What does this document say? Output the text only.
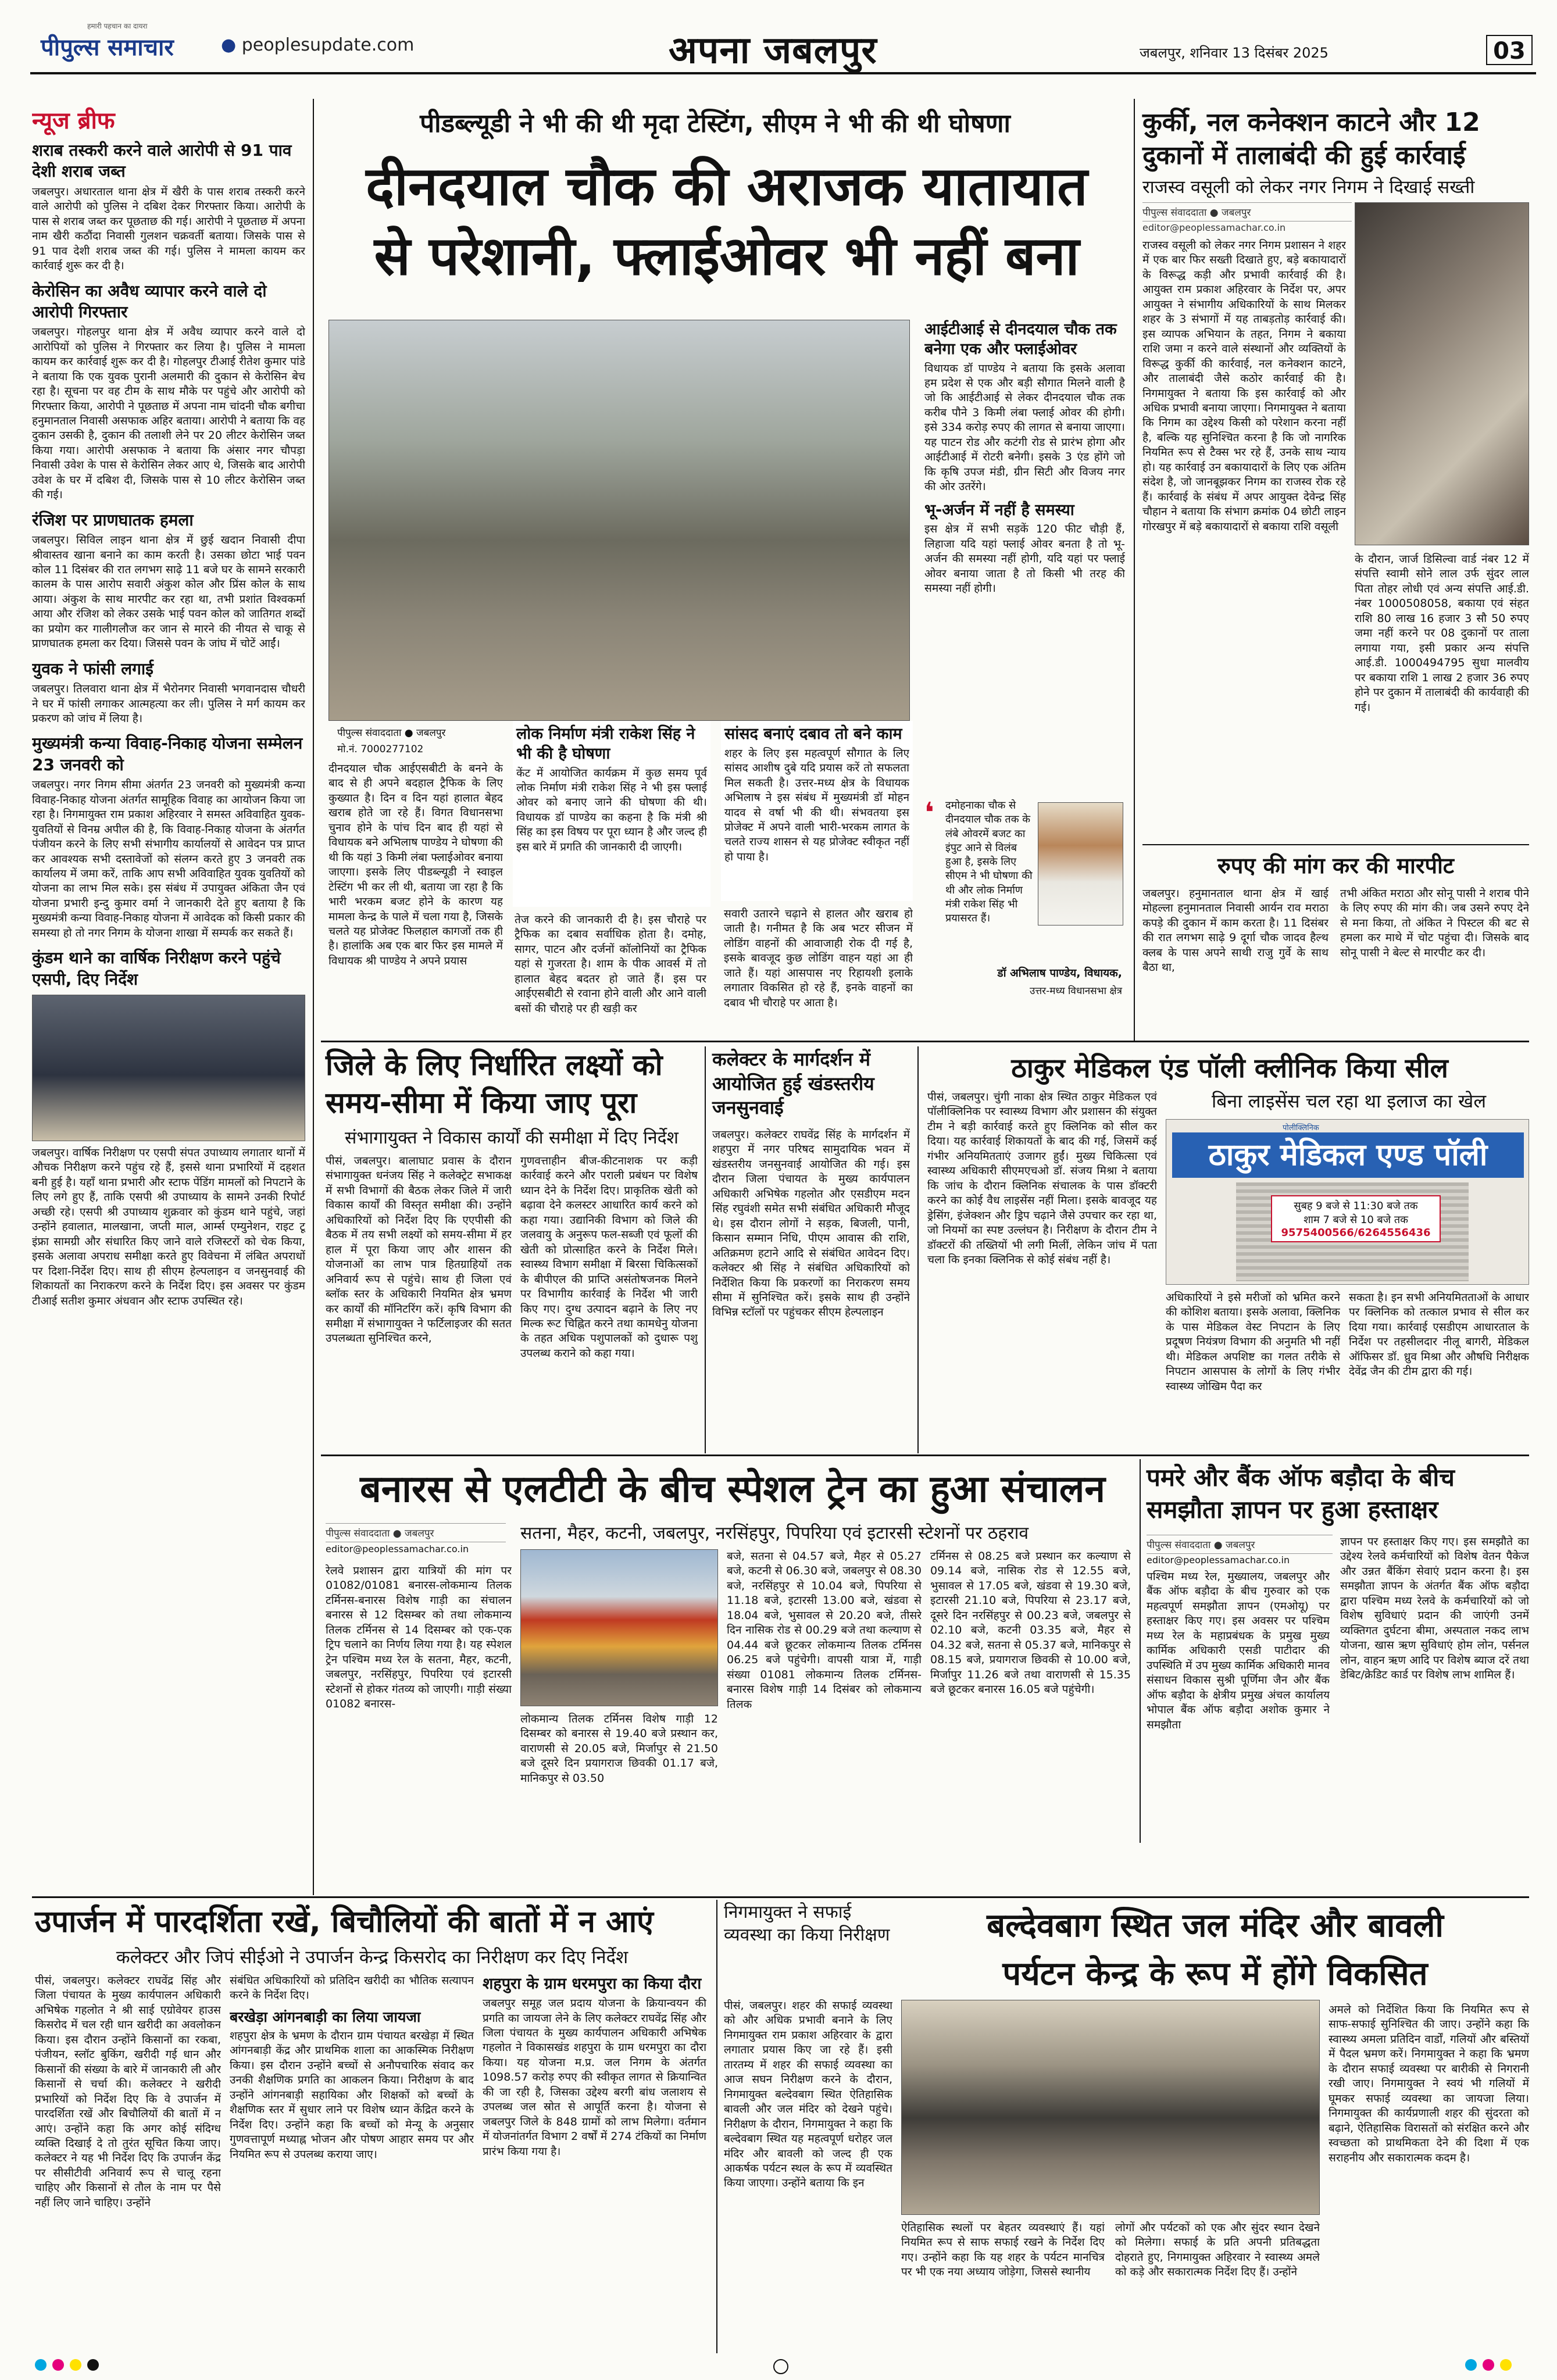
पीपुल्स समाचार
हमारी पहचान का दायरा
● peoplesupdate.com	अपना जबलपुर	जबलपुर, शनिवार 13 दिसंबर 2025	03
न्यूज ब्रीफ
शराब तस्करी करने वाले आरोपी से 91 पाव देशी शराब जब्त
जबलपुर। अधारताल थाना क्षेत्र में खैरी के पास शराब तस्करी करने वाले आरोपी को पुलिस ने दबिश देकर गिरफ्तार किया। आरोपी के पास से शराब जब्त कर पूछताछ की गई। आरोपी ने पूछताछ में अपना नाम खैरी कठौंदा निवासी गुलशन चक्रवर्ती बताया। जिसके पास से 91 पाव देशी शराब जब्त की गई। पुलिस ने मामला कायम कर कार्रवाई शुरू कर दी है।
केरोसिन का अवैध व्यापार करने वाले दो आरोपी गिरफ्तार
जबलपुर। गोहलपुर थाना क्षेत्र में अवैध व्यापार करने वाले दो आरोपियों को पुलिस ने गिरफ्तार कर लिया है। पुलिस ने मामला कायम कर कार्रवाई शुरू कर दी है। गोहलपुर टीआई रीतेश कुमार पांडे ने बताया कि एक युवक पुरानी अलमारी की दुकान से केरोसिन बेच रहा है। सूचना पर वह टीम के साथ मौके पर पहुंचे और आरोपी को गिरफ्तार किया, आरोपी ने पूछताछ में अपना नाम चांदनी चौक बगीचा हनुमानताल निवासी असफाक अहिर बताया। आरोपी ने बताया कि वह दुकान उसकी है, दुकान की तलाशी लेने पर 20 लीटर केरोसिन जब्त किया गया। आरोपी असफाक ने बताया कि अंसार नगर चौपड़ा निवासी उवेश के पास से केरोसिन लेकर आए थे, जिसके बाद आरोपी उवेश के घर में दबिश दी, जिसके पास से 10 लीटर केरोसिन जब्त की गई।
रंजिश पर प्राणघातक हमला
जबलपुर। सिविल लाइन थाना क्षेत्र में छुई खदान निवासी दीपा श्रीवास्तव खाना बनाने का काम करती है। उसका छोटा भाई पवन कोल 11 दिसंबर की रात लगभग साढ़े 11 बजे घर के सामने सरकारी कालम के पास आरोप सवारी अंकुश कोल और प्रिंस कोल के साथ आया। अंकुश के साथ मारपीट कर रहा था, तभी प्रशांत विश्वकर्मा आया और रंजिश को लेकर उसके भाई पवन कोल को जातिगत शब्दों का प्रयोग कर गालीगलौज कर जान से मारने की नीयत से चाकू से प्राणघातक हमला कर दिया। जिससे पवन के जांघ में चोटें आईं।
युवक ने फांसी लगाई
जबलपुर। तिलवारा थाना क्षेत्र में भैरोनगर निवासी भगवानदास चौधरी ने घर में फांसी लगाकर आत्महत्या कर ली। पुलिस ने मर्ग कायम कर प्रकरण को जांच में लिया है।
मुख्यमंत्री कन्या विवाह-निकाह योजना सम्मेलन 23 जनवरी को
जबलपुर। नगर निगम सीमा अंतर्गत 23 जनवरी को मुख्यमंत्री कन्या विवाह-निकाह योजना अंतर्गत सामूहिक विवाह का आयोजन किया जा रहा है। निगमायुक्त राम प्रकाश अहिरवार ने समस्त अविवाहित युवक-युवतियों से विनम्र अपील की है, कि विवाह-निकाह योजना के अंतर्गत पंजीयन करने के लिए सभी संभागीय कार्यालयों से आवेदन पत्र प्राप्त कर आवश्यक सभी दस्तावेजों को संलग्न करते हुए 3 जनवरी तक कार्यालय में जमा करें, ताकि आप सभी अविवाहित युवक युवतियों को योजना का लाभ मिल सके। इस संबंध में उपायुक्त अंकिता जैन एवं योजना प्रभारी इन्दु कुमार वर्मा ने जानकारी देते हुए बताया है कि मुख्यमंत्री कन्या विवाह-निकाह योजना में आवेदक को किसी प्रकार की समस्या हो तो नगर निगम के योजना शाखा में सम्पर्क कर सकते हैं।
कुंडम थाने का वार्षिक निरीक्षण करने पहुंचे एसपी, दिए निर्देश
जबलपुर। वार्षिक निरीक्षण पर एसपी संपत उपाध्याय लगातार थानों में औचक निरीक्षण करने पहुंच रहे हैं, इससे थाना प्रभारियों में दहशत बनी हुई है। यहाँ थाना प्रभारी और स्टाफ पेंडिंग मामलों को निपटाने के लिए लगे हुए हैं, ताकि एसपी श्री उपाध्याय के सामने उनकी रिपोर्ट अच्छी रहे। एसपी श्री उपाध्याय शुक्रवार को कुंडम थाने पहुंचे, जहां उन्होंने हवालात, मालखाना, जप्ती माल, आर्म्स एम्युनेशन, राइट टू इंफ्रा सामग्री और संधारित किए जाने वाले रजिस्टरों को चेक किया, इसके अलावा अपराध समीक्षा करते हुए विवेचना में लंबित अपराधों पर दिशा-निर्देश दिए। साथ ही सीएम हेल्पलाइन व जनसुनवाई की शिकायतों का निराकरण करने के निर्देश दिए। इस अवसर पर कुंडम टीआई सतीश कुमार अंधवान और स्टाफ उपस्थित रहे।
पीडब्ल्यूडी ने भी की थी मृदा टेस्टिंग, सीएम ने भी की थी घोषणा
दीनदयाल चौक की अराजक यातायात
से परेशानी, फ्लाईओवर भी नहीं बना
पीपुल्स संवाददाता ● जबलपुर
मो.नं. 7000277102
लोक निर्माण मंत्री राकेश सिंह ने भी की है घोषणा
केंट में आयोजित कार्यक्रम में कुछ समय पूर्व लोक निर्माण मंत्री राकेश सिंह ने भी इस फ्लाई ओवर को बनाए जाने की घोषणा की थी। विधायक डॉ पाण्डेय का कहना है कि मंत्री श्री सिंह का इस विषय पर पूरा ध्यान है और जल्द ही इस बारे में प्रगति की जानकारी दी जाएगी।
सांसद बनाएं दबाव तो बने काम
शहर के लिए इस महत्वपूर्ण सौगात के लिए सांसद आशीष दुबे यदि प्रयास करें तो सफलता मिल सकती है। उत्तर-मध्य क्षेत्र के विधायक अभिलाष ने इस संबंध में मुख्यमंत्री डॉ मोहन यादव से वर्षा भी की थी। संभवतया इस प्रोजेक्ट में अपने वाली भारी-भरकम लागत के चलते राज्य शासन से यह प्रोजेक्ट स्वीकृत नहीं हो पाया है।
दीनदयाल चौक आईएसबीटी के बनने के बाद से ही अपने बदहाल ट्रैफिक के लिए कुख्यात है। दिन व दिन यहां हालात बेहद खराब होते जा रहे हैं। विगत विधानसभा चुनाव होने के पांच दिन बाद ही यहां से विधायक बने अभिलाष पाण्डेय ने घोषणा की थी कि यहां 3 किमी लंबा फ्लाईओवर बनाया जाएगा। इसके लिए पीडब्ल्यूडी ने स्वाइल टेस्टिंग भी कर ली थी, बताया जा रहा है कि भारी भरकम बजट होने के कारण यह मामला केन्द्र के पाले में चला गया है, जिसके चलते यह प्रोजेक्ट फिलहाल कागजों तक ही है। हालांकि अब एक बार फिर इस मामले में विधायक श्री पाण्डेय ने अपने प्रयास
तेज करने की जानकारी दी है। इस चौराहे पर ट्रैफिक का दबाव सर्वाधिक होता है। दमोह, सागर, पाटन और दर्जनों कॉलोनियों का ट्रैफिक यहां से गुजरता है। शाम के पीक आवर्स में तो हालात बेहद बदतर हो जाते हैं। इस पर आईएसबीटी से रवाना होने वाली और आने वाली बसों की चौराहे पर ही खड़ी कर
सवारी उतारने चढ़ाने से हालत और खराब हो जाती है। गनीमत है कि अब भटर सीजन में लोडिंग वाहनों की आवाजाही रोक दी गई है, इसके बावजूद कुछ लोडिंग वाहन यहां आ ही जाते हैं। यहां आसपास नए रिहायशी इलाके लगातार विकसित हो रहे हैं, इनके वाहनों का दबाव भी चौराहे पर आता है।
आईटीआई से दीनदयाल चौक तक बनेगा एक और फ्लाईओवर
विधायक डॉ पाण्डेय ने बताया कि इसके अलावा हम प्रदेश से एक और बड़ी सौगात मिलने वाली है जो कि आईटीआई से लेकर दीनदयाल चौक तक करीब पौने 3 किमी लंबा फ्लाई ओवर की होगी। इसे 334 करोड़ रुपए की लागत से बनाया जाएगा। यह पाटन रोड और कटंगी रोड से प्रारंभ होगा और आईटीआई में रोटरी बनेगी। इसके 3 एंड होंगे जो कि कृषि उपज मंडी, ग्रीन सिटी और विजय नगर की ओर उतरेंगे।
भू-अर्जन में नहीं है समस्या
इस क्षेत्र में सभी सड़कें 120 फीट चौड़ी हैं, लिहाजा यदि यहां फ्लाई ओवर बनता है तो भू-अर्जन की समस्या नहीं होगी, यदि यहां पर फ्लाई ओवर बनाया जाता है तो किसी भी तरह की समस्या नहीं होगी।
❛ दमोहनाका चौक से दीनदयाल चौक तक के लंबे ओवरमें बजट का इंपुट आने से विलंब हुआ है, इसके लिए सीएम ने भी घोषणा की थी और लोक निर्माण मंत्री राकेश सिंह भी प्रयासरत हैं।
डॉ अभिलाष पाण्डेय, विधायक,
उत्तर-मध्य विधानसभा क्षेत्र
कुर्की, नल कनेक्शन काटने और 12 दुकानों में तालाबंदी की हुई कार्रवाई
राजस्व वसूली को लेकर नगर निगम ने दिखाई सख्ती
पीपुल्स संवाददाता ● जबलपुर
editor@peoplessamachar.co.in
राजस्व वसूली को लेकर नगर निगम प्रशासन ने शहर में एक बार फिर सख्ती दिखाते हुए, बड़े बकायादारों के विरूद्ध कड़ी और प्रभावी कार्रवाई की है। आयुक्त राम प्रकाश अहिरवार के निर्देश पर, अपर आयुक्त ने संभागीय अधिकारियों के साथ मिलकर शहर के 3 संभागों में यह ताबड़तोड़ कार्रवाई की। इस व्यापक अभियान के तहत, निगम ने बकाया राशि जमा न करने वाले संस्थानों और व्यक्तियों के विरूद्ध कुर्की की कार्रवाई, नल कनेक्शन काटने, और तालाबंदी जैसे कठोर कार्रवाई की है। निगमायुक्त ने बताया कि इस कार्रवाई को और अधिक प्रभावी बनाया जाएगा। निगमायुक्त ने बताया कि निगम का उद्देश्य किसी को परेशान करना नहीं है, बल्कि यह सुनिश्चित करना है कि जो नागरिक नियमित रूप से टैक्स भर रहे हैं, उनके साथ न्याय हो। यह कार्रवाई उन बकायादारों के लिए एक अंतिम संदेश है, जो जानबूझकर निगम का राजस्व रोक रहे हैं। कार्रवाई के संबंध में अपर आयुक्त देवेन्द्र सिंह चौहान ने बताया कि संभाग क्रमांक 04 छोटी लाइन गोरखपुर में बड़े बकायादारों से बकाया राशि वसूली
के दौरान, जार्ज डिसिल्वा वार्ड नंबर 12 में संपत्ति स्वामी सोने लाल उर्फ सुंदर लाल पिता तोहर लोधी एवं अन्य संपत्ति आई.डी. नंबर 1000508058, बकाया एवं संहत राशि 80 लाख 16 हजार 3 सौ 50 रुपए जमा नहीं करने पर 08 दुकानों पर ताला लगाया गया, इसी प्रकार अन्य संपत्ति आई.डी. 1000494795 सुधा मालवीय पर बकाया राशि 1 लाख 2 हजार 36 रुपए होने पर दुकान में तालाबंदी की कार्यवाही की गई।
रुपए की मांग कर की मारपीट
जबलपुर। हनुमानताल थाना क्षेत्र में खाई मोहल्ला हनुमानताल निवासी आर्यन राव मराठा कपड़े की दुकान में काम करता है। 11 दिसंबर की रात लगभग साढ़े 9 दूर्गा चौक जादव हैल्थ क्लब के पास अपने साथी राजु गुर्वे के साथ बैठा था,
तभी अंकित मराठा और सोनू पासी ने शराब पीने के लिए रुपए की मांग की। जब उसने रुपए देने से मना किया, तो अंकित ने पिस्टल की बट से हमला कर माथे में चोट पहुंचा दी। जिसके बाद सोनू पासी ने बेल्ट से मारपीट कर दी।
जिले के लिए निर्धारित लक्ष्यों को समय-सीमा में किया जाए पूरा
संभागायुक्त ने विकास कार्यों की समीक्षा में दिए निर्देश
पीसं, जबलपुर। बालाघाट प्रवास के दौरान संभागायुक्त धनंजय सिंह ने कलेक्ट्रेट सभाकक्ष में सभी विभागों की बैठक लेकर जिले में जारी विकास कार्यों की विस्तृत समीक्षा की। उन्होंने अधिकारियों को निर्देश दिए कि एएपीसी की बैठक में तय सभी लक्ष्यों को समय-सीमा में हर हाल में पूरा किया जाए और शासन की योजनाओं का लाभ पात्र हितग्राहियों तक अनिवार्य रूप से पहुंचे। साथ ही जिला एवं ब्लॉक स्तर के अधिकारी नियमित क्षेत्र भ्रमण कर कार्यों की मॉनिटरिंग करें। कृषि विभाग की समीक्षा में संभागायुक्त ने फर्टिलाइजर की सतत उपलब्धता सुनिश्चित करने,
गुणवत्ताहीन बीज-कीटनाशक पर कड़ी कार्रवाई करने और पराली प्रबंधन पर विशेष ध्यान देने के निर्देश दिए। प्राकृतिक खेती को बढ़ावा देने कलस्टर आधारित कार्य करने को कहा गया। उद्यानिकी विभाग को जिले की जलवायु के अनुरूप फल-सब्जी एवं फूलों की खेती को प्रोत्साहित करने के निर्देश मिले। स्वास्थ्य विभाग समीक्षा में बिरसा चिकित्सकों के बीपीएल की प्राप्ति असंतोषजनक मिलने पर विभागीय कार्रवाई के निर्देश भी जारी किए गए। दुग्ध उत्पादन बढ़ाने के लिए नए मिल्क रूट चिह्नित करने तथा कामधेनु योजना के तहत अधिक पशुपालकों को दुधारू पशु उपलब्ध कराने को कहा गया।
कलेक्टर के मार्गदर्शन में आयोजित हुई खंडस्तरीय जनसुनवाई
जबलपुर। कलेक्टर राघवेंद्र सिंह के मार्गदर्शन में शहपुरा में नगर परिषद सामुदायिक भवन में खंडस्तरीय जनसुनवाई आयोजित की गई। इस दौरान जिला पंचायत के मुख्य कार्यपालन अधिकारी अभिषेक गहलोत और एसडीएम मदन सिंह रघुवंशी समेत सभी संबंधित अधिकारी मौजूद थे। इस दौरान लोगों ने सड़क, बिजली, पानी, किसान सम्मान निधि, पीएम आवास की राशि, अतिक्रमण हटाने आदि से संबंधित आवेदन दिए। कलेक्टर श्री सिंह ने संबंधित अधिकारियों को निर्देशित किया कि प्रकरणों का निराकरण समय सीमा में सुनिश्चित करें। इसके साथ ही उन्होंने विभिन्न स्टॉलों पर पहुंचकर सीएम हेल्पलाइन
ठाकुर मेडिकल एंड पॉली क्लीनिक किया सील
बिना लाइसेंस चल रहा था इलाज का खेल
पीसं, जबलपुर। चुंगी नाका क्षेत्र स्थित ठाकुर मेडिकल एवं पॉलीक्लिनिक पर स्वास्थ्य विभाग और प्रशासन की संयुक्त टीम ने बड़ी कार्रवाई करते हुए क्लिनिक को सील कर दिया। यह कार्रवाई शिकायतों के बाद की गई, जिसमें कई गंभीर अनियमितताएं उजागर हुईं। मुख्य चिकित्सा एवं स्वास्थ्य अधिकारी सीएमएचओ डॉ. संजय मिश्रा ने बताया कि जांच के दौरान क्लिनिक संचालक के पास डॉक्टरी करने का कोई वैध लाइसेंस नहीं मिला। इसके बावजूद यह ड्रेसिंग, इंजेक्शन और ड्रिप चढ़ाने जैसे उपचार कर रहा था, जो नियमों का स्पष्ट उल्लंघन है। निरीक्षण के दौरान टीम ने डॉक्टरों की तख्तियों भी लगी मिलीं, लेकिन जांच में पता चला कि इनका क्लिनिक से कोई संबंध नहीं है।
पोलीक्लिनिक
ठाकुर मेडिकल एण्ड पॉली
सुबह 9 बजे से 11:30 बजे तक
शाम 7 बजे से 10 बजे तक
9575400566/6264556436
अधिकारियों ने इसे मरीजों को भ्रमित करने की कोशिश बताया। इसके अलावा, क्लिनिक के पास मेडिकल वेस्ट निपटान के लिए प्रदूषण नियंत्रण विभाग की अनुमति भी नहीं थी। मेडिकल अपशिष्ट का गलत तरीके से निपटान आसपास के लोगों के लिए गंभीर स्वास्थ्य जोखिम पैदा कर
सकता है। इन सभी अनियमितताओं के आधार पर क्लिनिक को तत्काल प्रभाव से सील कर दिया गया। कार्रवाई एसडीएम आधारताल के निर्देश पर तहसीलदार नीलू बागरी, मेडिकल ऑफिसर डॉ. ध्रुव मिश्रा और औषधि निरीक्षक देवेंद्र जैन की टीम द्वारा की गई।
बनारस से एलटीटी के बीच स्पेशल ट्रेन का हुआ संचालन
पीपुल्स संवाददाता ● जबलपुर
editor@peoplessamachar.co.in
सतना, मैहर, कटनी, जबलपुर, नरसिंहपुर, पिपरिया एवं इटारसी स्टेशनों पर ठहराव
रेलवे प्रशासन द्वारा यात्रियों की मांग पर 01082/01081 बनारस-लोकमान्य तिलक टर्मिनस-बनारस विशेष गाड़ी का संचालन बनारस से 12 दिसम्बर को तथा लोकमान्य तिलक टर्मिनस से 14 दिसम्बर को एक-एक ट्रिप चलाने का निर्णय लिया गया है। यह स्पेशल ट्रेन पश्चिम मध्य रेल के सतना, मैहर, कटनी, जबलपुर, नरसिंहपुर, पिपरिया एवं इटारसी स्टेशनों से होकर गंतव्य को जाएगी। गाड़ी संख्या 01082 बनारस-
लोकमान्य तिलक टर्मिनस विशेष गाड़ी 12 दिसम्बर को बनारस से 19.40 बजे प्रस्थान कर, वाराणसी से 20.05 बजे, मिर्जापुर से 21.50 बजे दूसरे दिन प्रयागराज छिवकी 01.17 बजे, मानिकपुर से 03.50
बजे, सतना से 04.57 बजे, मैहर से 05.27 बजे, कटनी से 06.30 बजे, जबलपुर से 08.30 बजे, नरसिंहपुर से 10.04 बजे, पिपरिया से 11.18 बजे, इटारसी 13.00 बजे, खंडवा से 18.04 बजे, भुसावल से 20.20 बजे, तीसरे दिन नासिक रोड से 00.29 बजे तथा कल्याण से 04.44 बजे छूटकर लोकमान्य तिलक टर्मिनस 06.25 बजे पहुंचेगी। वापसी यात्रा में, गाड़ी संख्या 01081 लोकमान्य तिलक टर्मिनस-बनारस विशेष गाड़ी 14 दिसंबर को लोकमान्य तिलक
टर्मिनस से 08.25 बजे प्रस्थान कर कल्याण से 09.14 बजे, नासिक रोड से 12.55 बजे, भुसावल से 17.05 बजे, खंडवा से 19.30 बजे, इटारसी 21.10 बजे, पिपरिया से 23.17 बजे, दूसरे दिन नरसिंहपुर से 00.23 बजे, जबलपुर से 02.10 बजे, कटनी 03.35 बजे, मैहर से 04.32 बजे, सतना से 05.37 बजे, मानिकपुर से 08.15 बजे, प्रयागराज छिवकी से 10.00 बजे, मिर्जापुर 11.26 बजे तथा वाराणसी से 15.35 बजे छूटकर बनारस 16.05 बजे पहुंचेगी।
पमरे और बैंक ऑफ बड़ौदा के बीच समझौता ज्ञापन पर हुआ हस्ताक्षर
पीपुल्स संवाददाता ● जबलपुर
editor@peoplessamachar.co.in
पश्चिम मध्य रेल, मुख्यालय, जबलपुर और बैंक ऑफ बड़ौदा के बीच गुरुवार को एक महत्वपूर्ण समझौता ज्ञापन (एमओयू) पर हस्ताक्षर किए गए। इस अवसर पर पश्चिम मध्य रेल के महाप्रबंधक के प्रमुख मुख्य कार्मिक अधिकारी एसडी पाटीदार की उपस्थिति में उप मुख्य कार्मिक अधिकारी मानव संसाधन विकास सुश्री पूर्णिमा जैन और बैंक ऑफ बड़ौदा के क्षेत्रीय प्रमुख अंचल कार्यालय भोपाल बैंक ऑफ बड़ौदा अशोक कुमार ने समझौता
ज्ञापन पर हस्ताक्षर किए गए। इस समझौते का उद्देश्य रेलवे कर्मचारियों को विशेष वेतन पैकेज और उन्नत बैंकिंग सेवाएं प्रदान करना है। इस समझौता ज्ञापन के अंतर्गत बैंक ऑफ बड़ौदा द्वारा पश्चिम मध्य रेलवे के कर्मचारियों को जो विशेष सुविधाएं प्रदान की जाएंगी उनमें व्यक्तिगत दुर्घटना बीमा, अस्पताल नकद लाभ योजना, खास ऋण सुविधाएं होम लोन, पर्सनल लोन, वाहन ऋण आदि पर विशेष ब्याज दरें तथा डेबिट/क्रेडिट कार्ड पर विशेष लाभ शामिल हैं।
उपार्जन में पारदर्शिता रखें, बिचौलियों की बातों में न आएं
कलेक्टर और जिपं सीईओ ने उपार्जन केन्द्र किसरोद का निरीक्षण कर दिए निर्देश
पीसं, जबलपुर। कलेक्टर राघवेंद्र सिंह और जिला पंचायत के मुख्य कार्यपालन अधिकारी अभिषेक गहलोत ने श्री साई एग्रोवेयर हाउस किसरोद में चल रही धान खरीदी का अवलोकन किया। इस दौरान उन्होंने किसानों का रकबा, पंजीयन, स्लॉट बुकिंग, खरीदी गई धान और किसानों की संख्या के बारे में जानकारी ली और किसानों से चर्चा की। कलेक्टर ने खरीदी प्रभारियों को निर्देश दिए कि वे उपार्जन में पारदर्शिता रखें और बिचौलियों की बातों में न आएं। उन्होंने कहा कि अगर कोई संदिग्ध व्यक्ति दिखाई दे तो तुरंत सूचित किया जाए। कलेक्टर ने यह भी निर्देश दिए कि उपार्जन केंद्र पर सीसीटीवी अनिवार्य रूप से चालू रहना चाहिए और किसानों से तौल के नाम पर पैसे नहीं लिए जाने चाहिए। उन्होंने
संबंधित अधिकारियों को प्रतिदिन खरीदी का भौतिक सत्यापन करने के निर्देश दिए।
बरखेड़ा आंगनबाड़ी का लिया जायजा
शहपुरा क्षेत्र के भ्रमण के दौरान ग्राम पंचायत बरखेड़ा में स्थित आंगनबाड़ी केंद्र और प्राथमिक शाला का आकस्मिक निरीक्षण किया। इस दौरान उन्होंने बच्चों से अनौपचारिक संवाद कर उनकी शैक्षणिक प्रगति का आकलन किया। निरीक्षण के बाद उन्होंने आंगनबाड़ी सहायिका और शिक्षकों को बच्चों के शैक्षणिक स्तर में सुधार लाने पर विशेष ध्यान केंद्रित करने के निर्देश दिए। उन्होंने कहा कि बच्चों को मेन्यू के अनुसार गुणवत्तापूर्ण मध्याह्न भोजन और पोषण आहार समय पर और नियमित रूप से उपलब्ध कराया जाए।
शहपुरा के ग्राम धरमपुरा का किया दौरा
जबलपुर समूह जल प्रदाय योजना के क्रियान्वयन की प्रगति का जायजा लेने के लिए कलेक्टर राघवेंद्र सिंह और जिला पंचायत के मुख्य कार्यपालन अधिकारी अभिषेक गहलोत ने विकासखंड शहपुरा के ग्राम धरमपुरा का दौरा किया। यह योजना म.प्र. जल निगम के अंतर्गत 1098.57 करोड़ रुपए की स्वीकृत लागत से क्रियान्वित की जा रही है, जिसका उद्देश्य बरगी बांध जलाशय से उपलब्ध जल स्रोत से आपूर्ति करना है। योजना से जबलपुर जिले के 848 ग्रामों को लाभ मिलेगा। वर्तमान में योजनांतर्गत विभाग 2 वर्षों में 274 टंकियों का निर्माण प्रारंभ किया गया है।
निगमायुक्त ने सफाई व्यवस्था का किया निरीक्षण
पीसं, जबलपुर। शहर की सफाई व्यवस्था को और अधिक प्रभावी बनाने के लिए निगमायुक्त राम प्रकाश अहिरवार के द्वारा लगातार प्रयास किए जा रहे हैं। इसी तारतम्य में शहर की सफाई व्यवस्था का आज सघन निरीक्षण करने के दौरान, निगमायुक्त बल्देवबाग स्थित ऐतिहासिक बावली और जल मंदिर को देखने पहुंचे। निरीक्षण के दौरान, निगमायुक्त ने कहा कि बल्देवबाग स्थित यह महत्वपूर्ण धरोहर जल मंदिर और बावली को जल्द ही एक आकर्षक पर्यटन स्थल के रूप में व्यवस्थित किया जाएगा। उन्होंने बताया कि इन
बल्देवबाग स्थित जल मंदिर और बावली
पर्यटन केन्द्र के रूप में होंगे विकसित
ऐतिहासिक स्थलों पर बेहतर व्यवस्थाएं हैं। यहां नियमित रूप से साफ सफाई रखने के निर्देश दिए गए। उन्होंने कहा कि यह शहर के पर्यटन मानचित्र पर भी एक नया अध्याय जोड़ेगा, जिससे स्थानीय
लोगों और पर्यटकों को एक और सुंदर स्थान देखने को मिलेगा। सफाई के प्रति अपनी प्रतिबद्धता दोहराते हुए, निगमायुक्त अहिरवार ने स्वास्थ्य अमले को कड़े और सकारात्मक निर्देश दिए हैं। उन्होंने
अमले को निर्देशित किया कि नियमित रूप से साफ-सफाई सुनिश्चित की जाए। उन्होंने कहा कि स्वास्थ्य अमला प्रतिदिन वार्डों, गलियों और बस्तियों में पैदल भ्रमण करें। निगमायुक्त ने कहा कि भ्रमण के दौरान सफाई व्यवस्था पर बारीकी से निगरानी रखी जाए। निगमायुक्त ने स्वयं भी गलियों में घूमकर सफाई व्यवस्था का जायजा लिया। निगमायुक्त की कार्यप्रणाली शहर की सुंदरता को बढ़ाने, ऐतिहासिक विरासतों को संरक्षित करने और स्वच्छता को प्राथमिकता देने की दिशा में एक सराहनीय और सकारात्मक कदम है।
